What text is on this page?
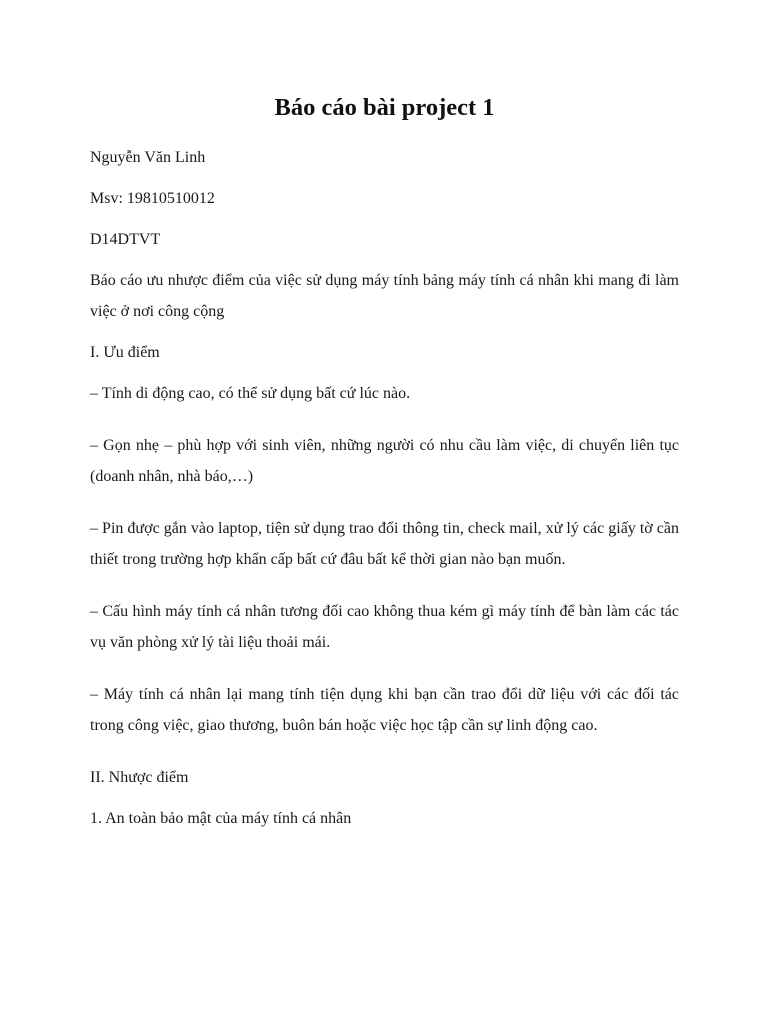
Báo cáo bài project 1

Nguyễn Văn Linh

Msv: 19810510012

D14DTVT

Báo cáo ưu nhược điểm của việc sử dụng máy tính bảng máy tính cá nhân khi mang đi làm việc ở nơi công cộng

I. Ưu điểm

– Tính di động cao, có thể sử dụng bất cứ lúc nào.

– Gọn nhẹ – phù hợp với sinh viên, những người có nhu cầu làm việc, di chuyển liên tục (doanh nhân, nhà báo,…)

– Pin được gắn vào laptop, tiện sử dụng trao đổi thông tin, check mail, xử lý các giấy tờ cần thiết trong trường hợp khẩn cấp bất cứ đâu bất kể thời gian nào bạn muốn.

– Cấu hình máy tính cá nhân tương đối cao không thua kém gì máy tính để bàn làm các tác vụ văn phòng xử lý tài liệu thoải mái.

– Máy tính cá nhân lại mang tính tiện dụng khi bạn cần trao đổi dữ liệu với các đối tác trong công việc, giao thương, buôn bán hoặc việc học tập cần sự linh động cao.

II. Nhược điểm

1. An toàn bảo mật của máy tính cá nhân
